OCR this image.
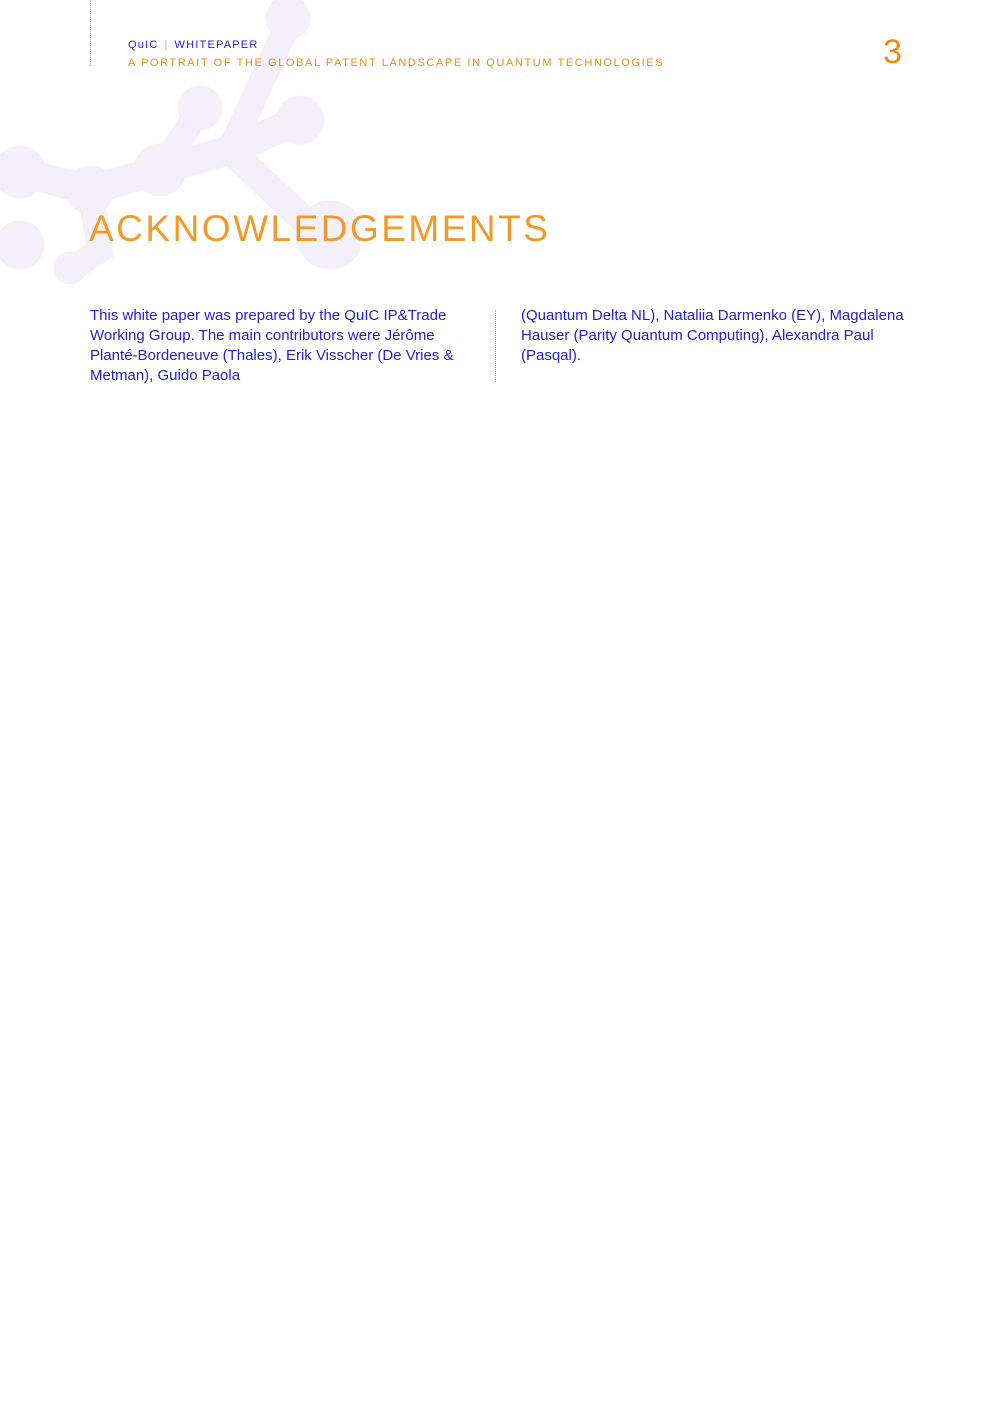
QuIC | WHITEPAPER
A PORTRAIT OF THE GLOBAL PATENT LANDSCAPE IN QUANTUM TECHNOLOGIES	3
ACKNOWLEDGEMENTS

This white paper was prepared by the QuIC IP&Trade Working Group. The main contributors were Jérôme Planté-Bordeneuve (Thales), Erik Visscher (De Vries & Metman), Guido Paola

(Quantum Delta NL), Nataliia Darmenko (EY), Magdalena Hauser (Parity Quantum Computing), Alexandra Paul (Pasqal).
